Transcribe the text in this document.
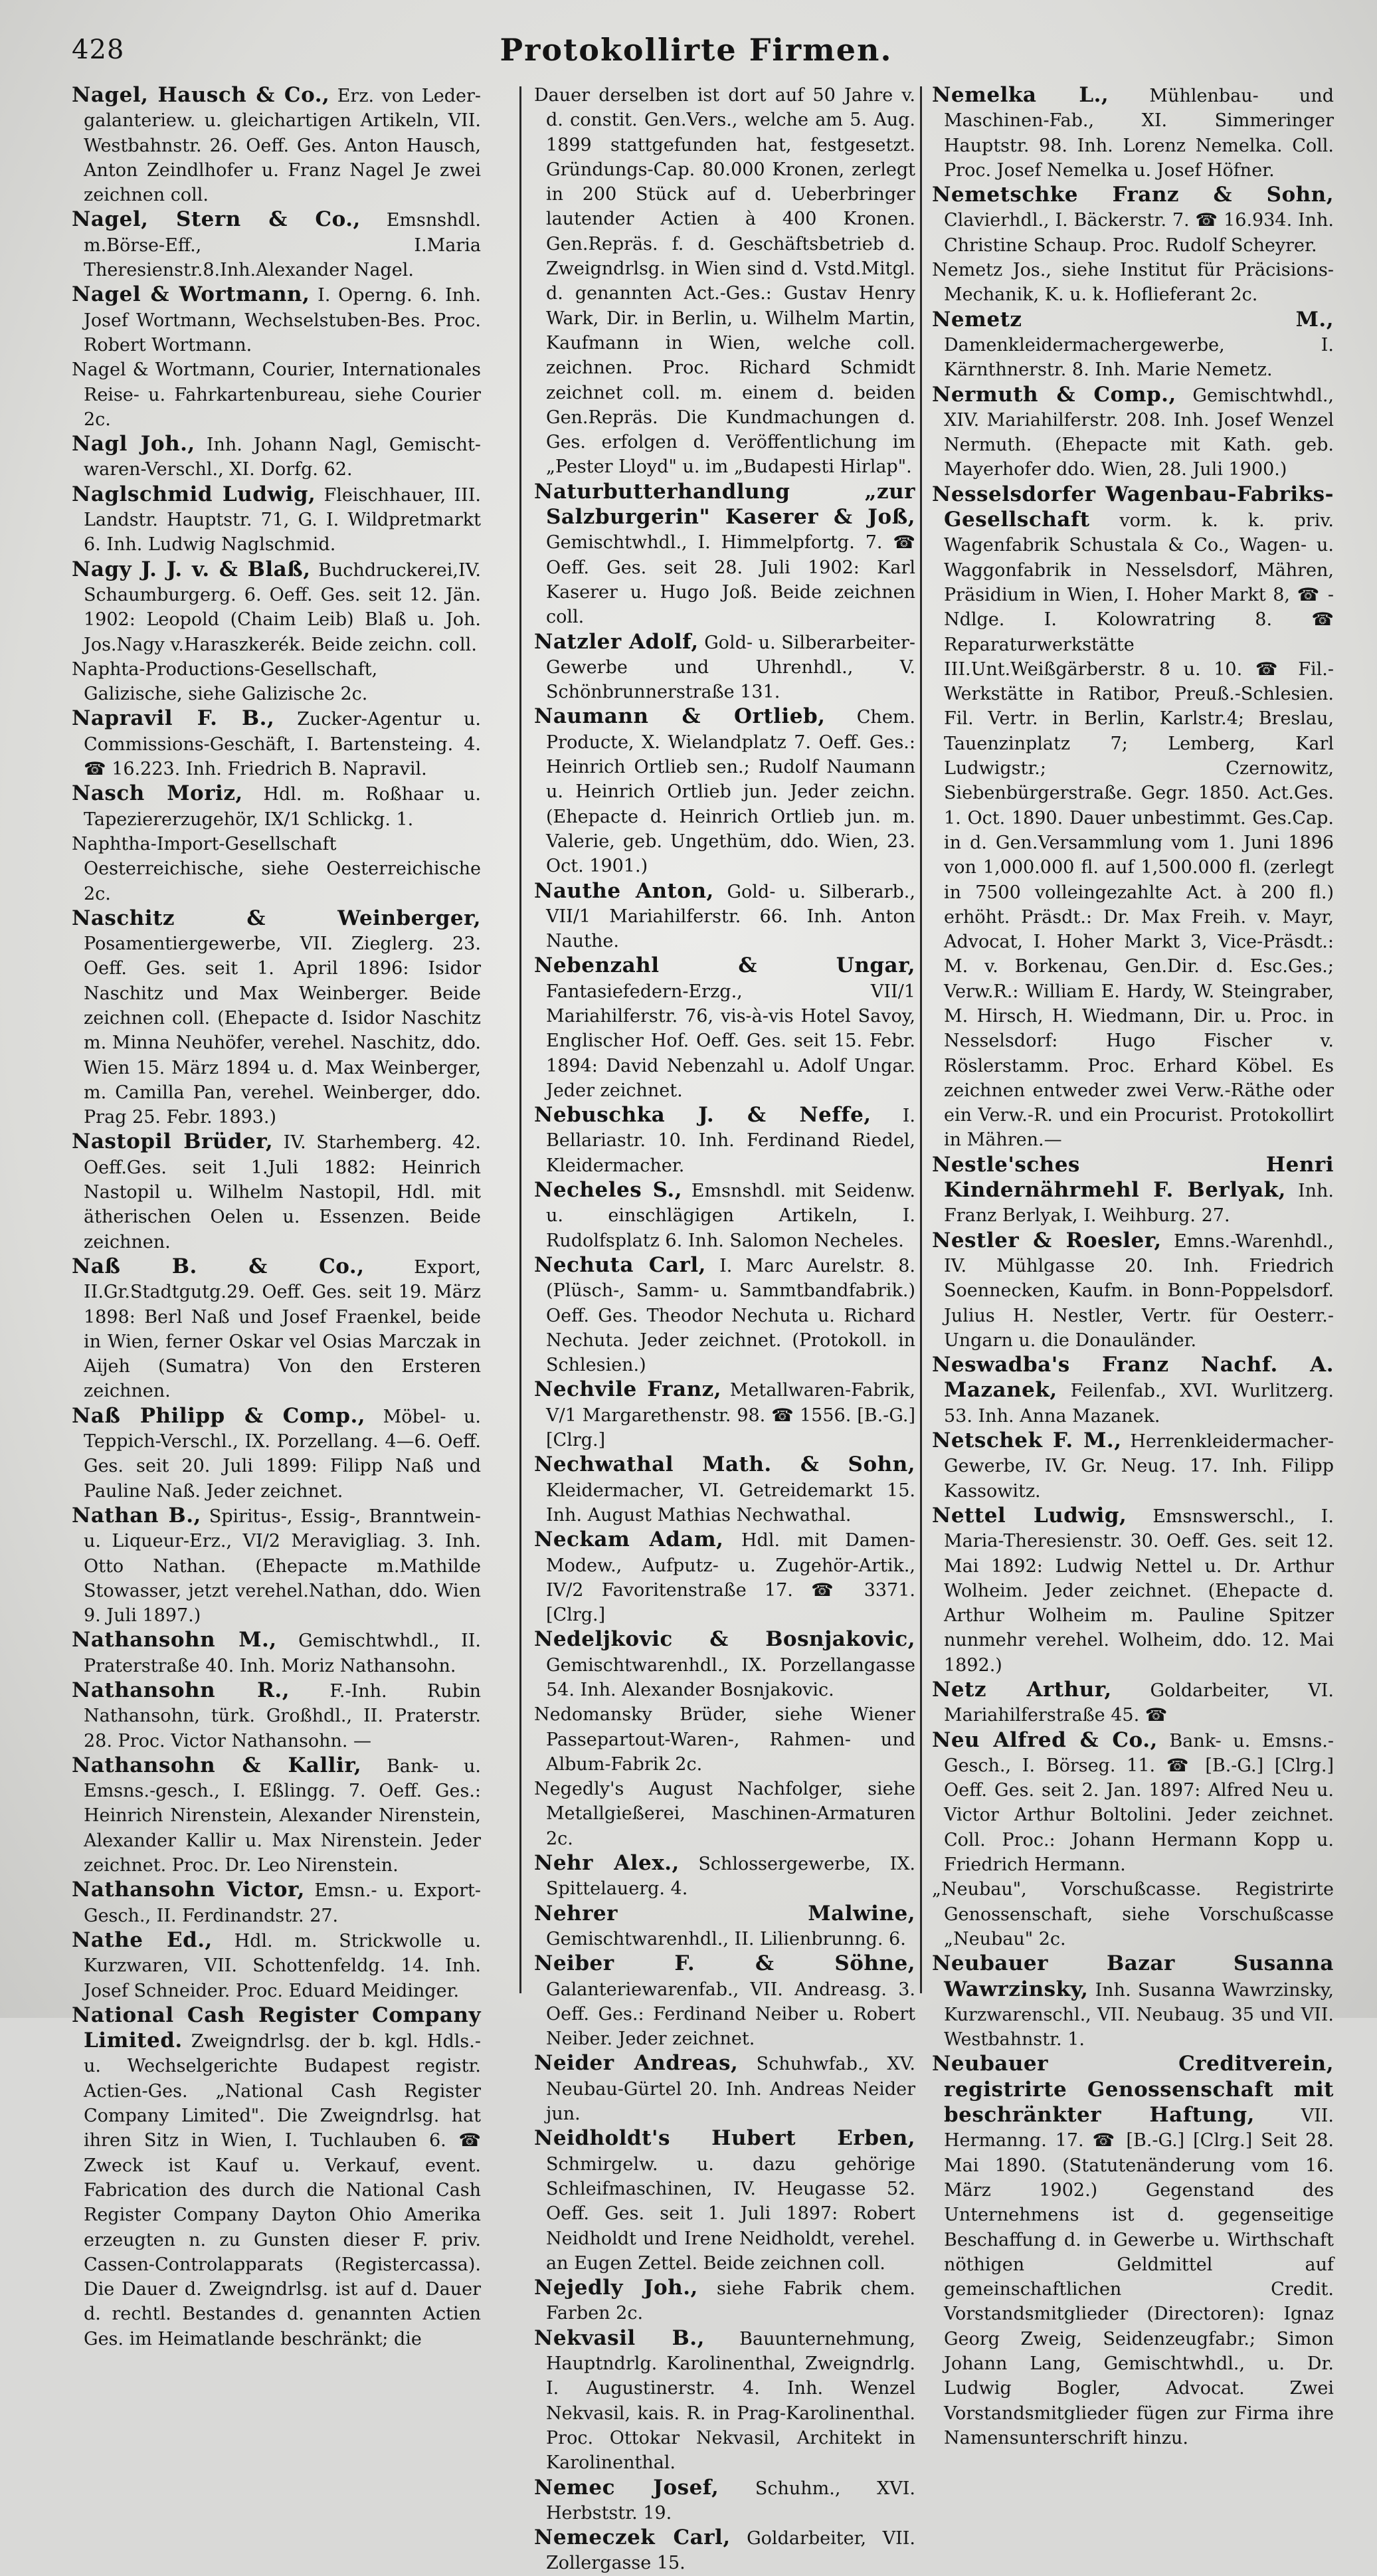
428	Protokollirte Firmen.

Nagel, Hausch & Co., Erz. von Leder-galanteriew. u. gleichartigen Artikeln, VII. Westbahnstr. 26. Oeff. Ges. Anton Hausch, Anton Zeindlhofer u. Franz Nagel Je zwei zeichnen coll.

Nagel, Stern & Co., Emsnshdl. m.Börse-Eff., I.Maria Theresienstr.8.Inh.Alexander Nagel.

Nagel & Wortmann, I. Operng. 6. Inh. Josef Wortmann, Wechselstuben-Bes. Proc. Robert Wortmann.

Nagel & Wortmann, Courier, Internationales Reise- u. Fahrkartenbureau, siehe Courier 2c.

Nagl Joh., Inh. Johann Nagl, Gemischt-waren-Verschl., XI. Dorfg. 62.

Naglschmid Ludwig, Fleischhauer, III. Landstr. Hauptstr. 71, G. I. Wildpretmarkt 6. Inh. Ludwig Naglschmid.

Nagy J. J. v. & Blaß, Buchdruckerei,IV. Schaumburgerg. 6. Oeff. Ges. seit 12. Jän. 1902: Leopold (Chaim Leib) Blaß u. Joh. Jos.Nagy v.Haraszkerék. Beide zeichn. coll.

Naphta-Productions-Gesellschaft, Galizische, siehe Galizische 2c.

Napravil F. B., Zucker-Agentur u. Commissions-Geschäft, I. Bartensteing. 4. ☎ 16.223. Inh. Friedrich B. Napravil.

Nasch Moriz, Hdl. m. Roßhaar u. Tapeziererzugehör, IX/1 Schlickg. 1.

Naphtha-Import-Gesellschaft Oesterreichische, siehe Oesterreichische 2c.

Naschitz & Weinberger, Posamentiergewerbe, VII. Zieglerg. 23. Oeff. Ges. seit 1. April 1896: Isidor Naschitz und Max Weinberger. Beide zeichnen coll. (Ehepacte d. Isidor Naschitz m. Minna Neuhöfer, verehel. Naschitz, ddo. Wien 15. März 1894 u. d. Max Weinberger, m. Camilla Pan, verehel. Weinberger, ddo. Prag 25. Febr. 1893.)

Nastopil Brüder, IV. Starhemberg. 42. Oeff.Ges. seit 1.Juli 1882: Heinrich Nastopil u. Wilhelm Nastopil, Hdl. mit ätherischen Oelen u. Essenzen. Beide zeichnen.

Naß B. & Co.,	Export, II.Gr.Stadtgutg.29. Oeff. Ges. seit 19. März 1898: Berl Naß und Josef Fraenkel, beide in Wien, ferner Oskar vel Osias Marczak in Aijeh (Sumatra) Von den Ersteren zeichnen.

Naß Philipp & Comp., Möbel- u. Teppich-Verschl., IX. Porzellang. 4—6. Oeff. Ges. seit 20. Juli 1899: Filipp Naß und Pauline Naß. Jeder zeichnet.

Nathan B., Spiritus-, Essig-, Branntwein- u. Liqueur-Erz., VI/2 Meravigliag. 3. Inh. Otto Nathan. (Ehepacte m.Mathilde Stowasser, jetzt verehel.Nathan, ddo. Wien 9. Juli 1897.)

Nathansohn M., Gemischtwhdl., II. Praterstraße 40. Inh. Moriz Nathansohn.

Nathansohn R., F.-Inh. Rubin Nathansohn, türk. Großhdl., II. Praterstr. 28. Proc. Victor Nathansohn. —

Nathansohn & Kallir, Bank- u. Emsns.-gesch., I. Eßlingg. 7. Oeff. Ges.: Heinrich Nirenstein, Alexander Nirenstein, Alexander Kallir u. Max Nirenstein. Jeder zeichnet. Proc. Dr. Leo Nirenstein.

Nathansohn Victor, Emsn.- u. Export-Gesch., II. Ferdinandstr. 27.

Nathe Ed., Hdl. m. Strickwolle u. Kurzwaren, VII. Schottenfeldg. 14. Inh. Josef Schneider. Proc. Eduard Meidinger.

National Cash Register Company Limited. Zweigndrlsg. der b. kgl. Hdls.- u. Wechselgerichte Budapest registr. Actien-Ges. „National Cash Register Company Limited". Die Zweigndrlsg. hat ihren Sitz in Wien, I. Tuchlauben 6. ☎ Zweck ist Kauf u. Verkauf, event. Fabrication des durch die National Cash Register Company Dayton Ohio Amerika erzeugten n. zu Gunsten dieser F. priv. Cassen-Controlapparats (Registercassa). Die Dauer d. Zweigndrlsg. ist auf d. Dauer d. rechtl. Bestandes d. genannten Actien Ges. im Heimatlande beschränkt; die

Dauer derselben ist dort auf 50 Jahre v. d. constit. Gen.Vers., welche am 5. Aug. 1899 stattgefunden hat, festgesetzt. Gründungs-Cap. 80.000 Kronen, zerlegt in 200 Stück auf d. Ueberbringer lautender Actien à 400 Kronen. Gen.Repräs. f. d. Geschäftsbetrieb d. Zweigndrlsg. in Wien sind d. Vstd.Mitgl. d. genannten Act.-Ges.: Gustav Henry Wark, Dir. in Berlin, u. Wilhelm Martin, Kaufmann in Wien, welche coll. zeichnen. Proc. Richard Schmidt zeichnet coll. m. einem d. beiden Gen.Repräs. Die Kundmachungen d. Ges. erfolgen d. Veröffentlichung im „Pester Lloyd" u. im „Budapesti Hirlap".

Naturbutterhandlung „zur Salzburgerin" Kaserer & Joß, Gemischtwhdl., I. Himmelpfortg. 7. ☎ Oeff. Ges. seit 28. Juli 1902: Karl Kaserer u. Hugo Joß. Beide zeichnen coll.

Natzler Adolf, Gold- u. Silberarbeiter-Gewerbe und Uhrenhdl., V. Schönbrunnerstraße 131.

Naumann & Ortlieb, Chem. Producte, X. Wielandplatz 7. Oeff. Ges.: Heinrich Ortlieb sen.; Rudolf Naumann u. Heinrich Ortlieb jun. Jeder zeichn. (Ehepacte d. Heinrich Ortlieb jun. m. Valerie, geb. Ungethüm, ddo. Wien, 23. Oct. 1901.)

Nauthe Anton, Gold- u. Silberarb., VII/1 Mariahilferstr. 66. Inh. Anton Nauthe.

Nebenzahl & Ungar, Fantasiefedern-Erzg., VII/1 Mariahilferstr. 76, vis-à-vis Hotel Savoy, Englischer Hof. Oeff. Ges. seit 15. Febr. 1894: David Nebenzahl u. Adolf Ungar. Jeder zeichnet.

Nebuschka J. & Neffe, I. Bellariastr. 10. Inh. Ferdinand Riedel, Kleidermacher.

Necheles S., Emsnshdl. mit Seidenw. u. einschlägigen Artikeln, I. Rudolfsplatz 6. Inh. Salomon Necheles.

Nechuta Carl, I. Marc Aurelstr. 8. (Plüsch-, Samm- u. Sammtbandfabrik.) Oeff. Ges. Theodor Nechuta u. Richard Nechuta. Jeder zeichnet. (Protokoll. in Schlesien.)

Nechvile Franz, Metallwaren-Fabrik, V/1 Margarethenstr. 98. ☎ 1556. [B.-G.] [Clrg.]

Nechwathal Math. & Sohn, Kleidermacher, VI. Getreidemarkt 15. Inh. August Mathias Nechwathal.

Neckam Adam, Hdl. mit Damen-Modew., Aufputz- u. Zugehör-Artik., IV/2 Favoritenstraße 17. ☎ 3371. [Clrg.]

Nedeljkovic & Bosnjakovic, Gemischtwarenhdl., IX. Porzellangasse 54. Inh. Alexander Bosnjakovic.

Nedomansky Brüder, siehe Wiener Passepartout-Waren-, Rahmen- und Album-Fabrik 2c.

Negedly's August Nachfolger, siehe Metallgießerei, Maschinen-Armaturen 2c.

Nehr Alex., Schlossergewerbe, IX. Spittelauerg. 4.

Nehrer Malwine, Gemischtwarenhdl., II. Lilienbrunng. 6.

Neiber F. & Söhne, Galanteriewarenfab., VII. Andreasg. 3. Oeff. Ges.: Ferdinand Neiber u. Robert Neiber. Jeder zeichnet.

Neider Andreas, Schuhwfab., XV. Neubau-Gürtel 20. Inh. Andreas Neider jun.

Neidholdt's Hubert Erben, Schmirgelw. u. dazu gehörige Schleifmaschinen, IV. Heugasse 52. Oeff. Ges. seit 1. Juli 1897: Robert Neidholdt und Irene Neidholdt, verehel. an Eugen Zettel. Beide zeichnen coll.

Nejedly Joh., siehe Fabrik chem. Farben 2c.

Nekvasil B., Bauunternehmung, Hauptndrlg. Karolinenthal, Zweigndrlg. I. Augustinerstr. 4. Inh. Wenzel Nekvasil, kais. R. in Prag-Karolinenthal. Proc. Ottokar Nekvasil, Architekt in Karolinenthal.

Nemec Josef, Schuhm., XVI. Herbststr. 19.

Nemeczek Carl, Goldarbeiter, VII. Zollergasse 15.

Nemelka L., Mühlenbau- und Maschinen-Fab., XI. Simmeringer Hauptstr. 98. Inh. Lorenz Nemelka. Coll. Proc. Josef Nemelka u. Josef Höfner.

Nemetschke Franz & Sohn, Clavierhdl., I. Bäckerstr. 7. ☎ 16.934. Inh. Christine Schaup. Proc. Rudolf Scheyrer.

Nemetz Jos., siehe Institut für Präcisions-Mechanik, K. u. k. Hoflieferant 2c.

Nemetz M., Damenkleidermachergewerbe, I. Kärnthnerstr. 8. Inh. Marie Nemetz.

Nermuth & Comp., Gemischtwhdl., XIV. Mariahilferstr. 208. Inh. Josef Wenzel Nermuth. (Ehepacte mit Kath. geb. Mayerhofer ddo. Wien, 28. Juli 1900.)

Nesselsdorfer Wagenbau-Fabriks-Gesellschaft vorm. k. k. priv. Wagenfabrik Schustala & Co., Wagen- u. Waggonfabrik in Nesselsdorf, Mähren, Präsidium in Wien, I. Hoher Markt 8, ☎ -Ndlge. I. Kolowratring 8. ☎ Reparaturwerkstätte III.Unt.Weißgärberstr. 8 u. 10. ☎ Fil.-Werkstätte in Ratibor, Preuß.-Schlesien. Fil. Vertr. in Berlin, Karlstr.4; Breslau, Tauenzinplatz 7; Lemberg, Karl Ludwigstr.; Czernowitz, Siebenbürgerstraße. Gegr. 1850. Act.Ges. 1. Oct. 1890. Dauer unbestimmt. Ges.Cap. in d. Gen.Versammlung vom 1. Juni 1896 von 1,000.000 fl. auf 1,500.000 fl. (zerlegt in 7500 volleingezahlte Act. à 200 fl.) erhöht. Präsdt.: Dr. Max Freih. v. Mayr, Advocat, I. Hoher Markt 3, Vice-Präsdt.: M. v. Borkenau, Gen.Dir. d. Esc.Ges.; Verw.R.: William E. Hardy, W. Steingraber, M. Hirsch, H. Wiedmann, Dir. u. Proc. in Nesselsdorf: Hugo Fischer v. Röslerstamm. Proc. Erhard Köbel. Es zeichnen entweder zwei Verw.-Räthe oder ein Verw.-R. und ein Procurist. Protokollirt in Mähren.—

Nestle'sches Henri Kindernährmehl F. Berlyak, Inh. Franz Berlyak, I. Weihburg. 27.

Nestler & Roesler, Emns.-Warenhdl., IV. Mühlgasse 20. Inh. Friedrich Soennecken, Kaufm. in Bonn-Poppelsdorf. Julius H. Nestler, Vertr. für Oesterr.-Ungarn u. die Donauländer.

Neswadba's Franz Nachf. A. Mazanek, Feilenfab., XVI. Wurlitzerg. 53. Inh. Anna Mazanek.

Netschek F. M., Herrenkleidermacher-Gewerbe, IV. Gr. Neug. 17. Inh. Filipp Kassowitz.

Nettel Ludwig, Emsnswerschl., I. Maria-Theresienstr. 30. Oeff. Ges. seit 12. Mai 1892: Ludwig Nettel u. Dr. Arthur Wolheim. Jeder zeichnet. (Ehepacte d. Arthur Wolheim m. Pauline Spitzer nunmehr verehel. Wolheim, ddo. 12. Mai 1892.)

Netz Arthur, Goldarbeiter, VI. Mariahilferstraße 45. ☎

Neu Alfred & Co., Bank- u. Emsns.-Gesch., I. Börseg. 11. ☎ [B.-G.] [Clrg.] Oeff. Ges. seit 2. Jan. 1897: Alfred Neu u. Victor Arthur Boltolini. Jeder zeichnet. Coll. Proc.: Johann Hermann Kopp u. Friedrich Hermann.

„Neubau", Vorschußcasse. Registrirte Genossenschaft, siehe Vorschußcasse „Neubau" 2c.

Neubauer Bazar Susanna Wawrzinsky, Inh. Susanna Wawrzinsky, Kurzwarenschl., VII. Neubaug. 35 und VII. Westbahnstr. 1.

Neubauer Creditverein, registrirte Genossenschaft mit beschränkter Haftung,	VII. Hermanng. 17. ☎ [B.-G.] [Clrg.] Seit 28. Mai 1890. (Statutenänderung vom 16. März 1902.) Gegenstand des Unternehmens ist d. gegenseitige Beschaffung d. in Gewerbe u. Wirthschaft nöthigen Geldmittel auf gemeinschaftlichen Credit. Vorstandsmitglieder (Directoren): Ignaz Georg Zweig, Seidenzeugfabr.; Simon Johann Lang, Gemischtwhdl., u. Dr. Ludwig Bogler, Advocat. Zwei Vorstandsmitglieder fügen zur Firma ihre Namensunterschrift hinzu.
